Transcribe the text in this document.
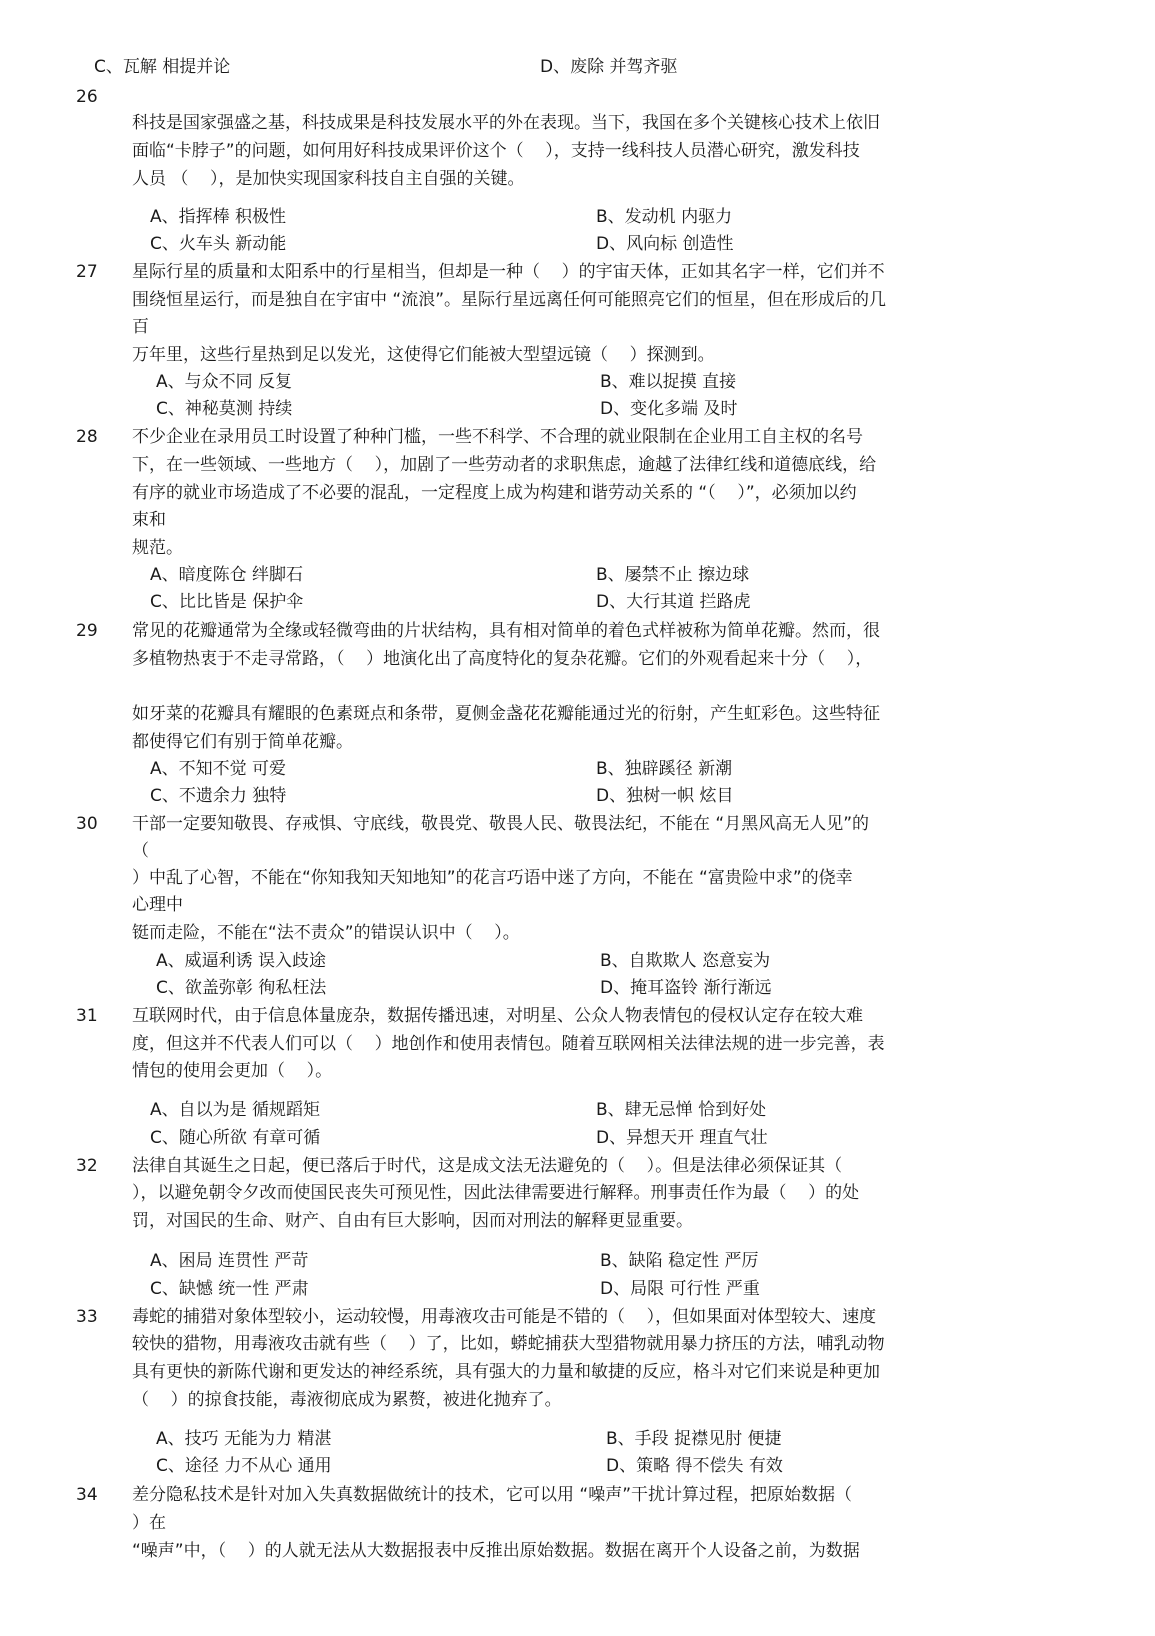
C、瓦解 相提并论	D、废除 并驾齐驱
26
科技是国家强盛之基，科技成果是科技发展水平的外在表现。当下，我国在多个关键核心技术上依旧
面临“卡脖子”的问题，如何用好科技成果评价这个（    ），支持一线科技人员潜心研究，激发科技
人员 （    ），是加快实现国家科技自主自强的关键。
A、指挥棒 积极性	B、发动机 内驱力
C、火车头 新动能	D、风向标 创造性
27 星际行星的质量和太阳系中的行星相当，但却是一种（    ）的宇宙天体，正如其名字一样，它们并不
围绕恒星运行，而是独自在宇宙中 “流浪”。星际行星远离任何可能照亮它们的恒星，但在形成后的几
百
万年里，这些行星热到足以发光，这使得它们能被大型望远镜（    ）探测到。
A、与众不同 反复	B、难以捉摸 直接
C、神秘莫测 持续	D、变化多端 及时
28 不少企业在录用员工时设置了种种门槛，一些不科学、不合理的就业限制在企业用工自主权的名号
下，在一些领域、一些地方（    ），加剧了一些劳动者的求职焦虑，逾越了法律红线和道德底线，给
有序的就业市场造成了不必要的混乱，一定程度上成为构建和谐劳动关系的 “（    ）”，必须加以约
束和
规范。
A、暗度陈仓 绊脚石	B、屡禁不止 擦边球
C、比比皆是 保护伞	D、大行其道 拦路虎
29 常见的花瓣通常为全缘或轻微弯曲的片状结构，具有相对简单的着色式样被称为简单花瓣。然而，很
多植物热衷于不走寻常路，（    ）地演化出了高度特化的复杂花瓣。它们的外观看起来十分（    ），
如牙菜的花瓣具有耀眼的色素斑点和条带，夏侧金盏花花瓣能通过光的衍射，产生虹彩色。这些特征
都使得它们有别于简单花瓣。
A、不知不觉 可爱	B、独辟蹊径 新潮
C、不遗余力 独特	D、独树一帜 炫目
30 干部一定要知敬畏、存戒惧、守底线，敬畏党、敬畏人民、敬畏法纪，不能在 “月黑风高无人见”的
（
）中乱了心智，不能在“你知我知天知地知”的花言巧语中迷了方向，不能在 “富贵险中求”的侥幸
心理中
铤而走险，不能在“法不责众”的错误认识中（    ）。
A、威逼利诱 误入歧途	B、自欺欺人 恣意妄为
C、欲盖弥彰 徇私枉法	D、掩耳盗铃 渐行渐远
31 互联网时代，由于信息体量庞杂，数据传播迅速，对明星、公众人物表情包的侵权认定存在较大难
度，但这并不代表人们可以（    ）地创作和使用表情包。随着互联网相关法律法规的进一步完善，表
情包的使用会更加（    ）。
A、自以为是 循规蹈矩	B、肆无忌惮 恰到好处
C、随心所欲 有章可循	D、异想天开 理直气壮
32 法律自其诞生之日起，便已落后于时代，这是成文法无法避免的（    ）。但是法律必须保证其（
），以避免朝令夕改而使国民丧失可预见性，因此法律需要进行解释。刑事责任作为最（    ）的处
罚，对国民的生命、财产、自由有巨大影响，因而对刑法的解释更显重要。
A、困局 连贯性 严苛	B、缺陷 稳定性 严厉
C、缺憾 统一性 严肃	D、局限 可行性 严重
33 毒蛇的捕猎对象体型较小，运动较慢，用毒液攻击可能是不错的（    ），但如果面对体型较大、速度
较快的猎物，用毒液攻击就有些（    ）了，比如，蟒蛇捕获大型猎物就用暴力挤压的方法，哺乳动物
具有更快的新陈代谢和更发达的神经系统，具有强大的力量和敏捷的反应，格斗对它们来说是种更加
（    ）的掠食技能，毒液彻底成为累赘，被进化抛弃了。
A、技巧 无能为力 精湛	B、手段 捉襟见肘 便捷
C、途径 力不从心 通用	D、策略 得不偿失 有效
34 差分隐私技术是针对加入失真数据做统计的技术，它可以用 “噪声”干扰计算过程，把原始数据（
）在
“噪声”中，（    ）的人就无法从大数据报表中反推出原始数据。数据在离开个人设备之前，为数据
